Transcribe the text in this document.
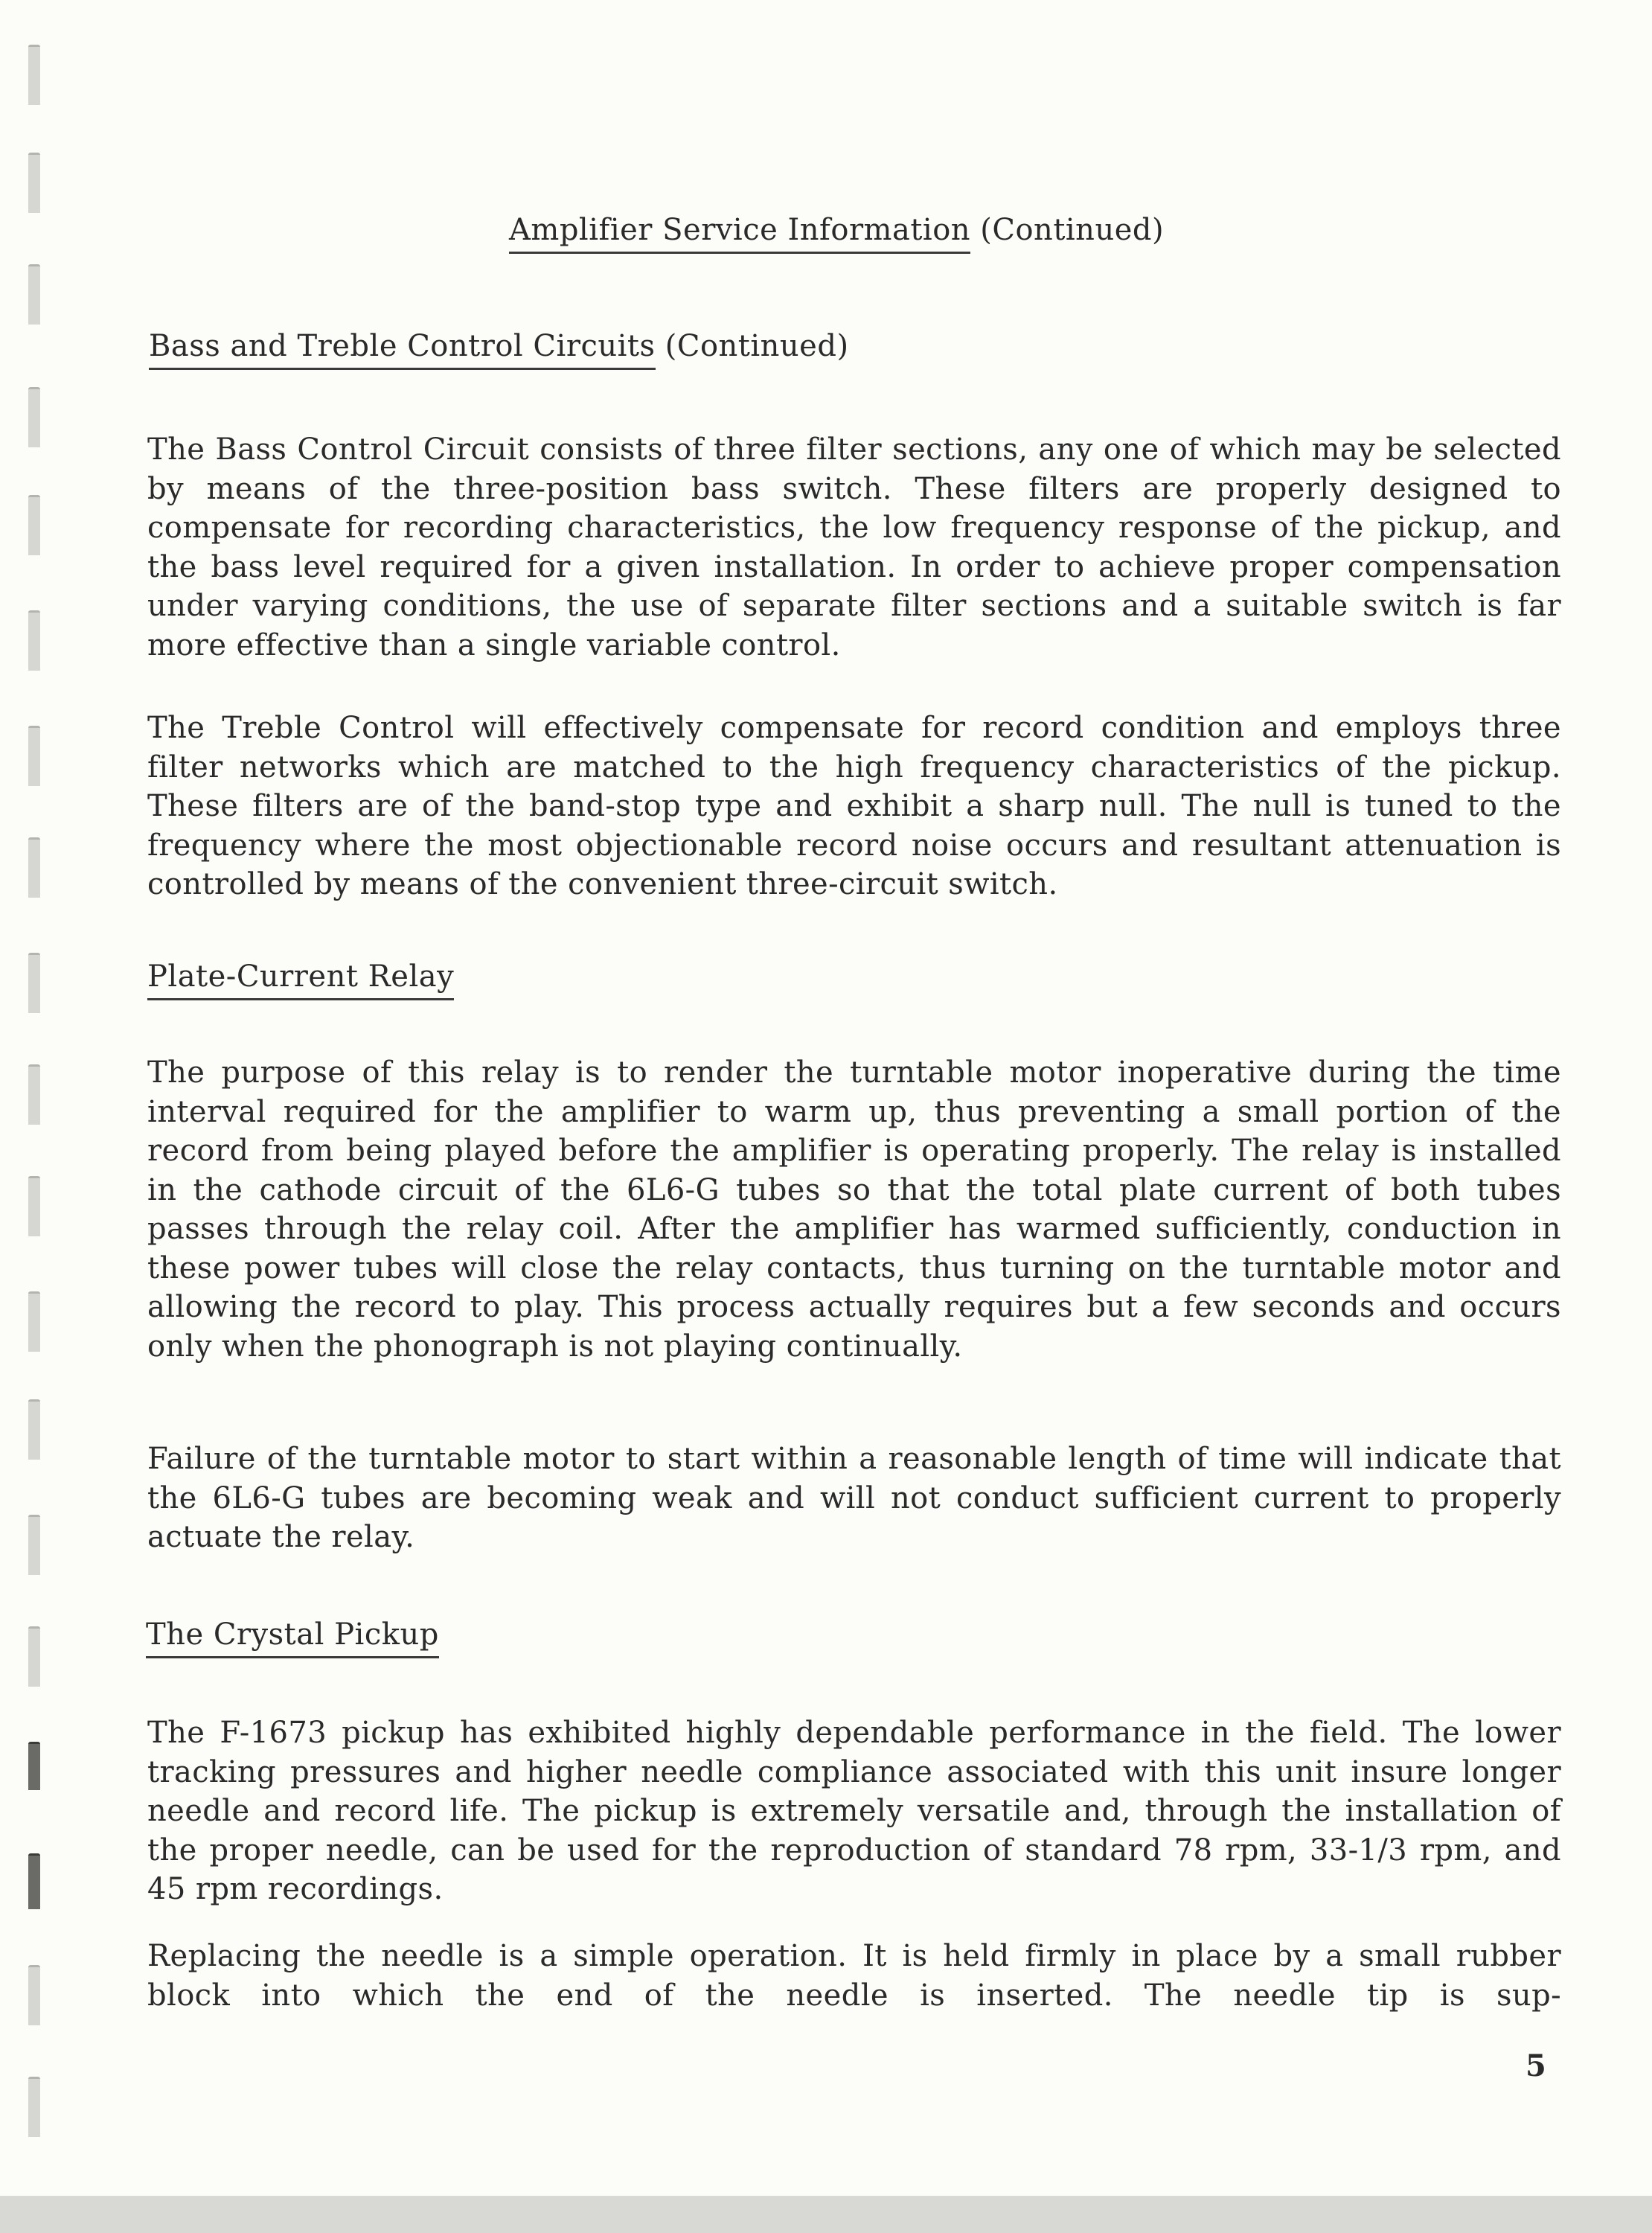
Amplifier Service Information (Continued)
Bass and Treble Control Circuits (Continued)

The Bass Control Circuit consists of three filter sections, any one of which may be selected by means of the three-position bass switch. These filters are properly designed to compensate for recording characteristics, the low frequency response of the pickup, and the bass level required for a given installation. In order to achieve proper compensation under varying conditions, the use of separate filter sections and a suitable switch is far more effective than a single variable control.

The Treble Control will effectively compensate for record condition and employs three filter networks which are matched to the high frequency characteristics of the pickup. These filters are of the band-stop type and exhibit a sharp null. The null is tuned to the frequency where the most objectionable record noise occurs and resultant attenuation is controlled by means of the convenient three-circuit switch.

Plate-Current Relay

The purpose of this relay is to render the turntable motor inoperative during the time interval required for the amplifier to warm up, thus preventing a small portion of the record from being played before the amplifier is operating properly. The relay is installed in the cathode circuit of the 6L6-G tubes so that the total plate current of both tubes passes through the relay coil. After the amplifier has warmed sufficiently, conduction in these power tubes will close the relay contacts, thus turning on the turntable motor and allowing the record to play. This process actually requires but a few seconds and occurs only when the phonograph is not playing continually.

Failure of the turntable motor to start within a reasonable length of time will indicate that the 6L6-G tubes are becoming weak and will not conduct sufficient current to properly actuate the relay.

The Crystal Pickup

The F-1673 pickup has exhibited highly dependable performance in the field. The lower tracking pressures and higher needle compliance associated with this unit insure longer needle and record life. The pickup is extremely versatile and, through the installation of the proper needle, can be used for the reproduction of standard 78 rpm, 33-1/3 rpm, and 45 rpm recordings.

Replacing the needle is a simple operation. It is held firmly in place by a small rubber block into which the end of the needle is inserted. The needle tip is sup-

5
